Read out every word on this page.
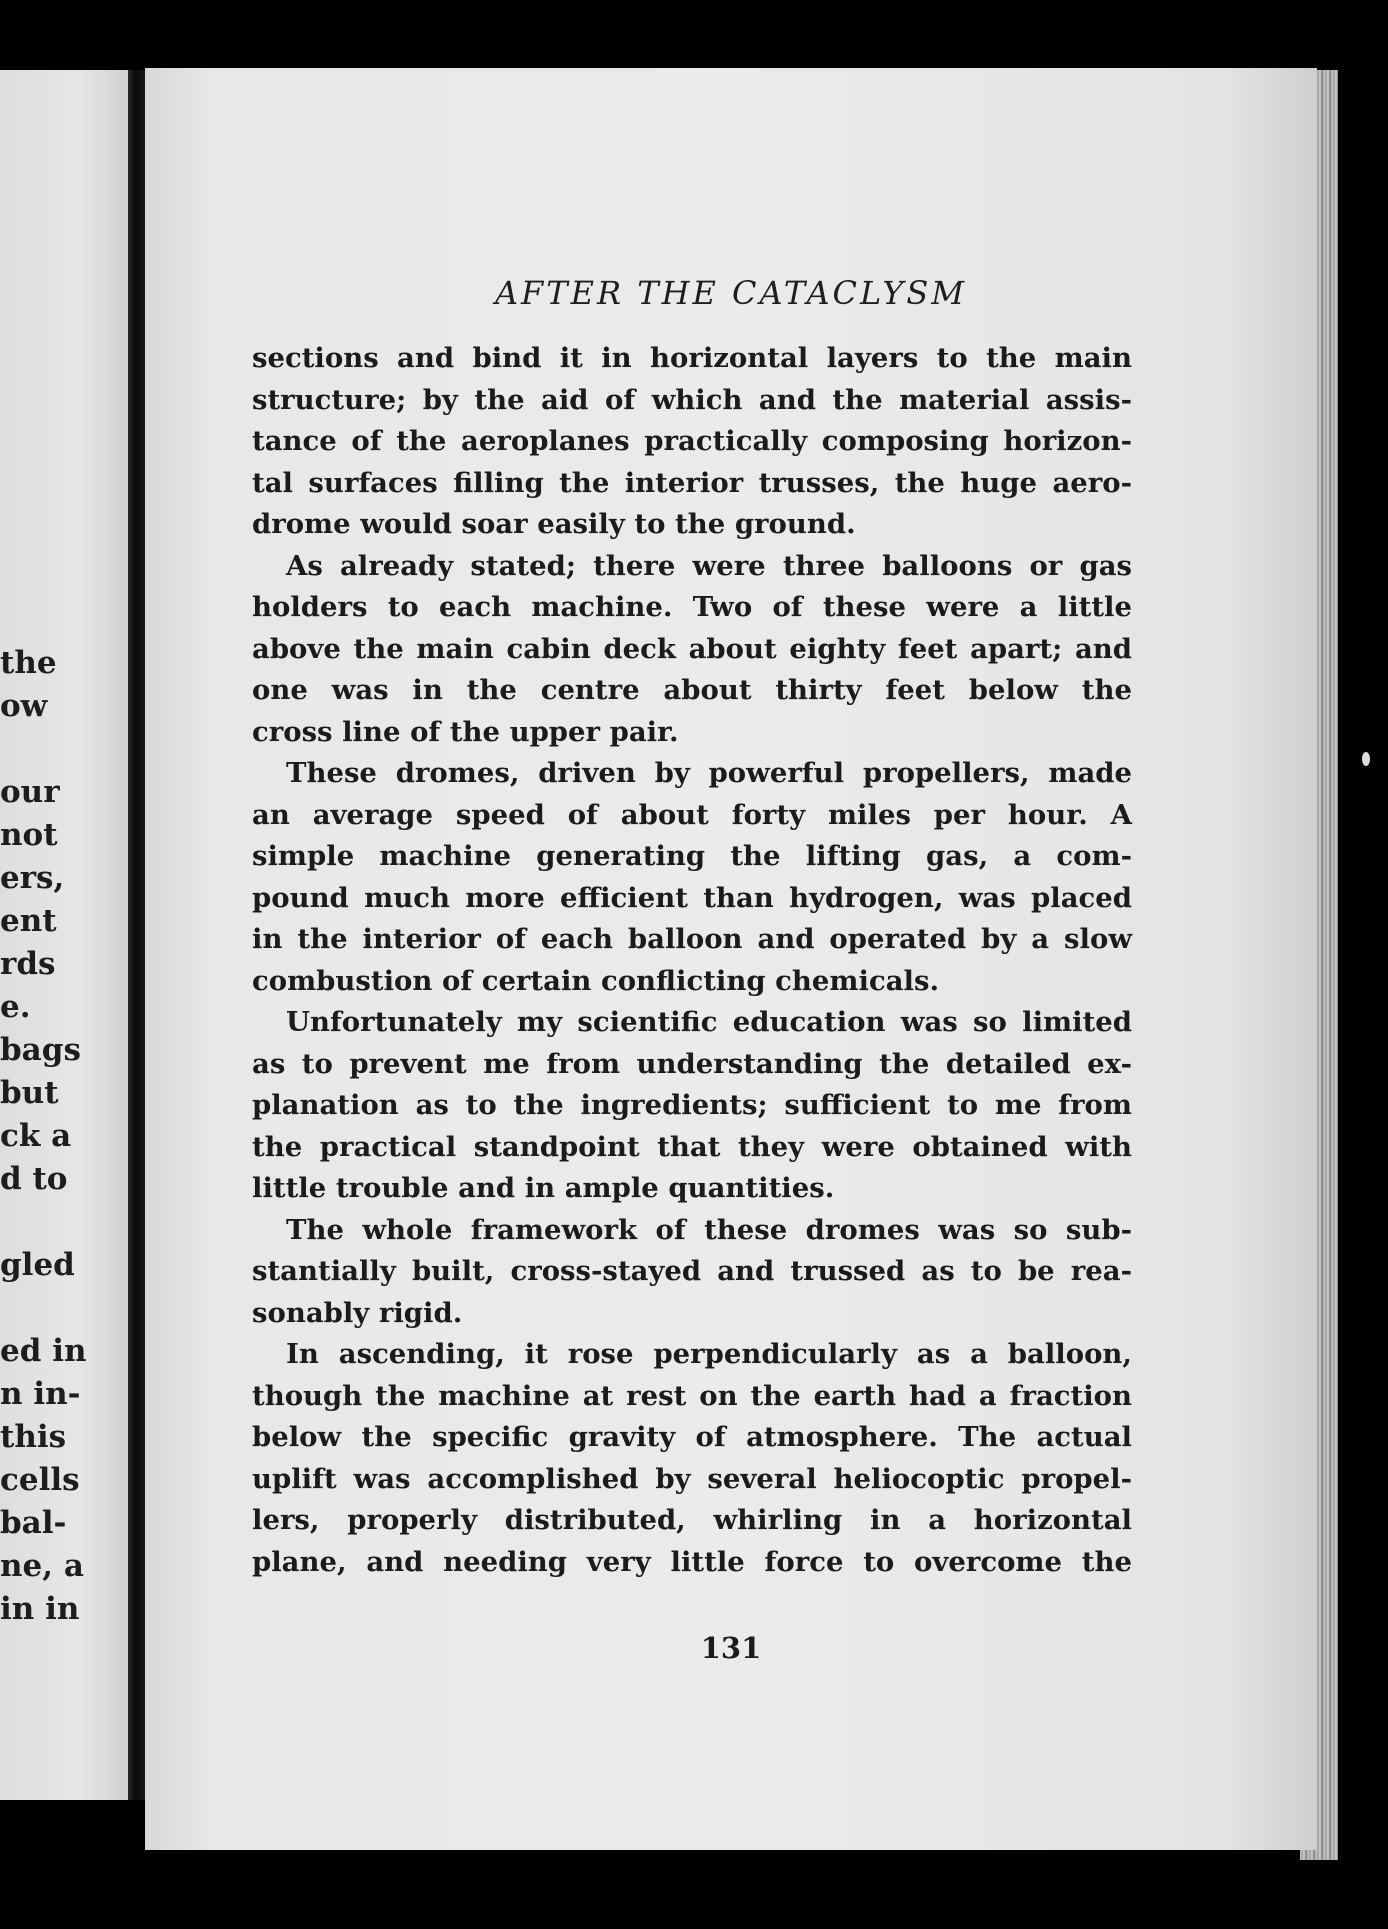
the
ow
our
not
ers,
ent
rds
e.
bags
but
ck a
d to
gled
ed in
n in-
this
cells
bal-
ne, a
in in
AFTER THE CATACLYSM

sections and bind it in horizontal layers to the main
structure; by the aid of which and the material assis-
tance of the aeroplanes practically composing horizon-
tal surfaces filling the interior trusses, the huge aero-
drome would soar easily to the ground.

As already stated; there were three balloons or gas
holders to each machine. Two of these were a little
above the main cabin deck about eighty feet apart; and
one was in the centre about thirty feet below the
cross line of the upper pair.

These dromes, driven by powerful propellers, made
an average speed of about forty miles per hour. A
simple machine generating the lifting gas, a com-
pound much more efficient than hydrogen, was placed
in the interior of each balloon and operated by a slow
combustion of certain conflicting chemicals.

Unfortunately my scientific education was so limited
as to prevent me from understanding the detailed ex-
planation as to the ingredients; sufficient to me from
the practical standpoint that they were obtained with
little trouble and in ample quantities.

The whole framework of these dromes was so sub-
stantially built, cross-stayed and trussed as to be rea-
sonably rigid.

In ascending, it rose perpendicularly as a balloon,
though the machine at rest on the earth had a fraction
below the specific gravity of atmosphere. The actual
uplift was accomplished by several heliocoptic propel-
lers, properly distributed, whirling in a horizontal
plane, and needing very little force to overcome the

131
